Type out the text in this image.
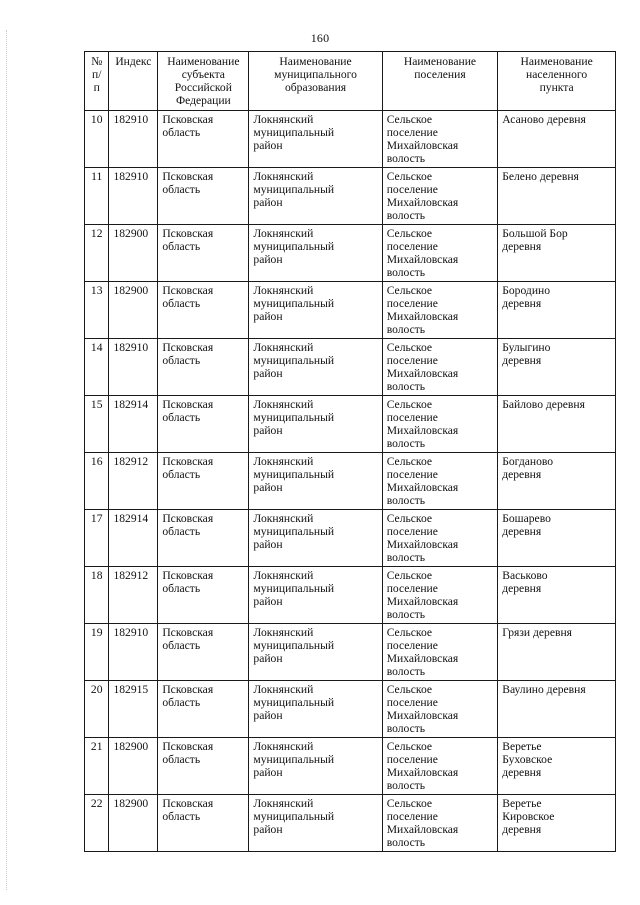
160
№
п/п	Индекс	Наименование
субъекта
Российской
Федерации	Наименование
муниципального
образования	Наименование
поселения	Наименование
населенного
пункта

10	182910	Псковская
область	Локнянский
муниципальный
район	Сельское
поселение
Михайловская
волость	Асаново деревня

11	182910	Псковская
область	Локнянский
муниципальный
район	Сельское
поселение
Михайловская
волость	Белено деревня

12	182900	Псковская
область	Локнянский
муниципальный
район	Сельское
поселение
Михайловская
волость	Большой Бор
деревня

13	182900	Псковская
область	Локнянский
муниципальный
район	Сельское
поселение
Михайловская
волость	Бородино
деревня

14	182910	Псковская
область	Локнянский
муниципальный
район	Сельское
поселение
Михайловская
волость	Булыгино
деревня

15	182914	Псковская
область	Локнянский
муниципальный
район	Сельское
поселение
Михайловская
волость	Байлово деревня

16	182912	Псковская
область	Локнянский
муниципальный
район	Сельское
поселение
Михайловская
волость	Богданово
деревня

17	182914	Псковская
область	Локнянский
муниципальный
район	Сельское
поселение
Михайловская
волость	Бошарево
деревня

18	182912	Псковская
область	Локнянский
муниципальный
район	Сельское
поселение
Михайловская
волость	Васьково
деревня

19	182910	Псковская
область	Локнянский
муниципальный
район	Сельское
поселение
Михайловская
волость	Грязи деревня

20	182915	Псковская
область	Локнянский
муниципальный
район	Сельское
поселение
Михайловская
волость	Ваулино деревня

21	182900	Псковская
область	Локнянский
муниципальный
район	Сельское
поселение
Михайловская
волость	Веретье
Буховское
деревня

22	182900	Псковская
область	Локнянский
муниципальный
район	Сельское
поселение
Михайловская
волость	Веретье
Кировское
деревня
